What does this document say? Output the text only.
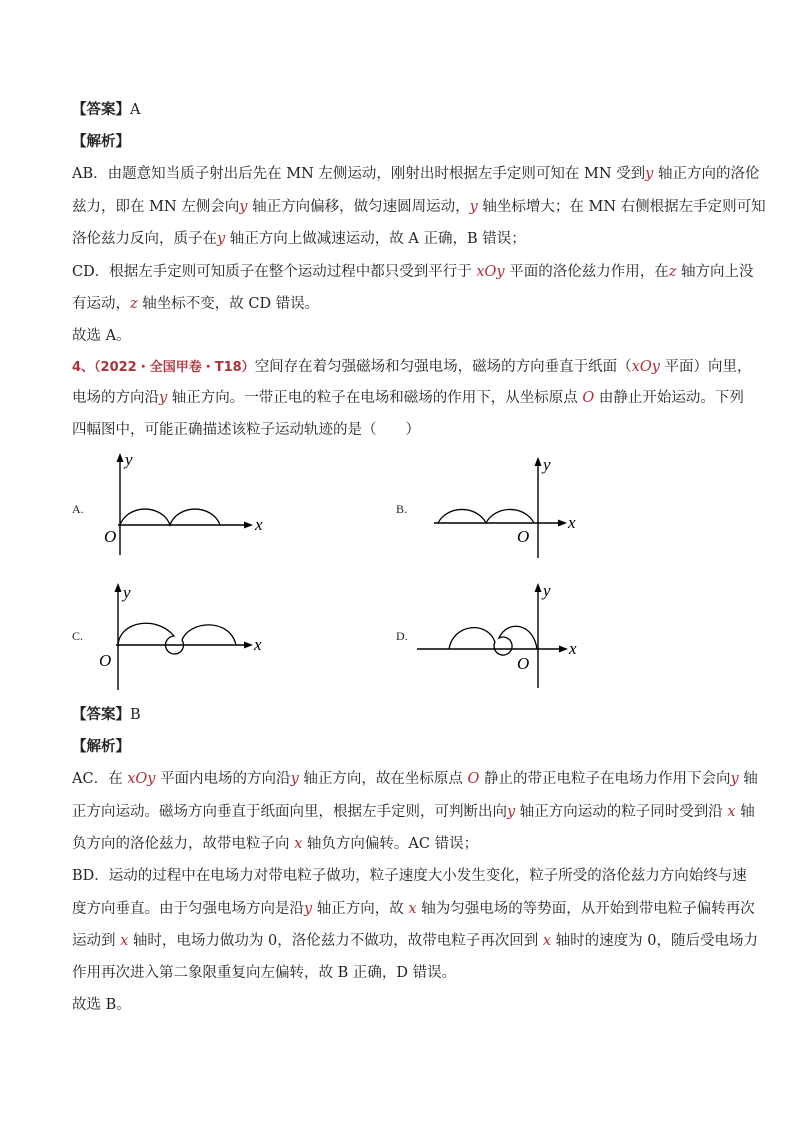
【答案】A
【解析】
AB．由题意知当质子射出后先在 MN 左侧运动，刚射出时根据左手定则可知在 MN 受到y 轴正方向的洛伦
兹力，即在 MN 左侧会向y 轴正方向偏移，做匀速圆周运动，y 轴坐标增大；在 MN 右侧根据左手定则可知
洛伦兹力反向，质子在y 轴正方向上做减速运动，故 A 正确，B 错误；
CD．根据左手定则可知质子在整个运动过程中都只受到平行于 xOy 平面的洛伦兹力作用，在z 轴方向上没
有运动，z 轴坐标不变，故 CD 错误。
故选 A。
4、（2022・全国甲卷・T18）空间存在着匀强磁场和匀强电场，磁场的方向垂直于纸面（xOy 平面）向里，
电场的方向沿y 轴正方向。一带正电的粒子在电场和磁场的作用下，从坐标原点 O 由静止开始运动。下列
四幅图中，可能正确描述该粒子运动轨迹的是（　　）
A.
y
x
O
B.
y
x
O
C.
y
x
O
D.
y
x
O
【答案】B
【解析】
AC．在 xOy 平面内电场的方向沿y 轴正方向，故在坐标原点 O 静止的带正电粒子在电场力作用下会向y 轴
正方向运动。磁场方向垂直于纸面向里，根据左手定则，可判断出向y 轴正方向运动的粒子同时受到沿 x 轴
负方向的洛伦兹力，故带电粒子向 x 轴负方向偏转。AC 错误；
BD．运动的过程中在电场力对带电粒子做功，粒子速度大小发生变化，粒子所受的洛伦兹力方向始终与速
度方向垂直。由于匀强电场方向是沿y 轴正方向，故 x 轴为匀强电场的等势面，从开始到带电粒子偏转再次
运动到 x 轴时，电场力做功为 0，洛伦兹力不做功，故带电粒子再次回到 x 轴时的速度为 0，随后受电场力
作用再次进入第二象限重复向左偏转，故 B 正确，D 错误。
故选 B。
